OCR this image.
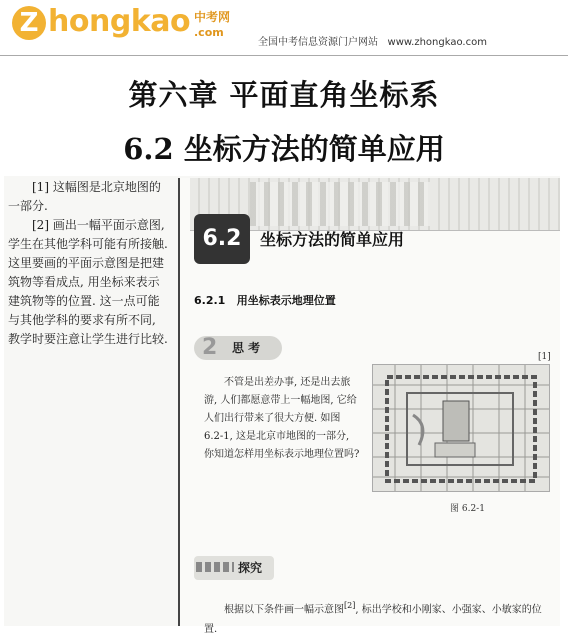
Z hongkao 中考网
.com
全国中考信息资源门户网站   www.zhongkao.com
第六章 平面直角坐标系
6.2 坐标方法的简单应用

[1] 这幅图是北京地图的一部分.

[2] 画出一幅平面示意图, 学生在其他学科可能有所接触. 这里要画的平面示意图是把建筑物等看成点, 用坐标来表示建筑物等的位置. 这一点可能与其他学科的要求有所不同, 教学时要注意让学生进行比较.

6.2	坐标方法的简单应用
6.2.1   用坐标表示地理位置
2 思 考

不管是出差办事, 还是出去旅游, 人们都愿意带上一幅地图, 它给人们出行带来了很大方便. 如图 6.2-1, 这是北京市地图的一部分, 你知道怎样用坐标表示地理位置吗?

[1]
图 6.2-1
探究

根据以下条件画一幅示意图[2], 标出学校和小刚家、小强家、小敏家的位置.
